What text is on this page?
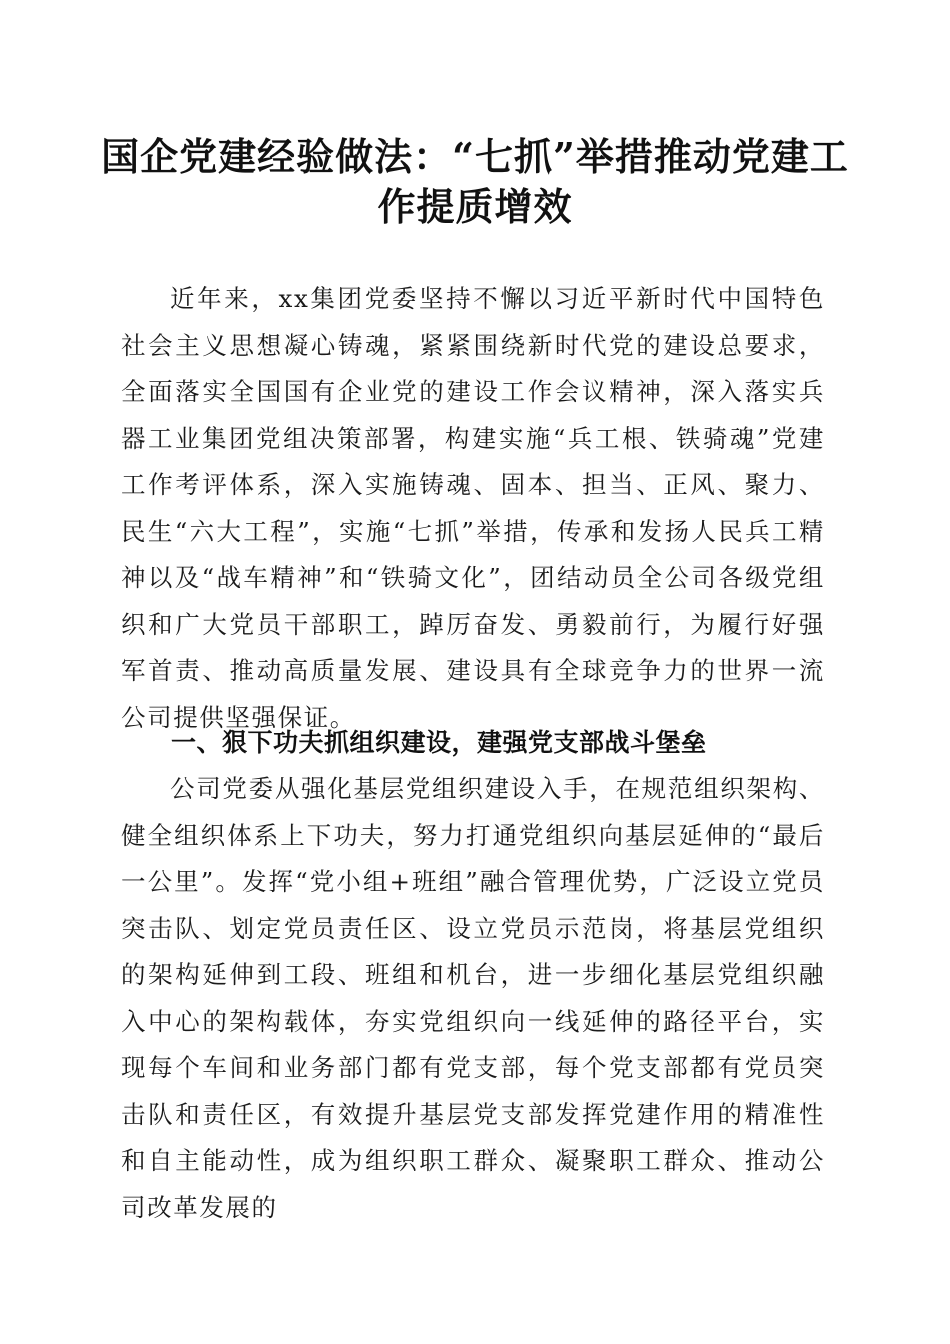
国企党建经验做法：“七抓”举措推动党建工作提质增效

近年来，xx集团党委坚持不懈以习近平新时代中国特色社会主义思想凝心铸魂，紧紧围绕新时代党的建设总要求，全面落实全国国有企业党的建设工作会议精神，深入落实兵器工业集团党组决策部署，构建实施“兵工根、铁骑魂”党建工作考评体系，深入实施铸魂、固本、担当、正风、聚力、民生“六大工程”，实施“七抓”举措，传承和发扬人民兵工精神以及“战车精神”和“铁骑文化”，团结动员全公司各级党组织和广大党员干部职工，踔厉奋发、勇毅前行，为履行好强军首责、推动高质量发展、建设具有全球竞争力的世界一流公司提供坚强保证。

一、狠下功夫抓组织建设，建强党支部战斗堡垒

公司党委从强化基层党组织建设入手，在规范组织架构、健全组织体系上下功夫，努力打通党组织向基层延伸的“最后一公里”。发挥“党小组+班组”融合管理优势，广泛设立党员突击队、划定党员责任区、设立党员示范岗，将基层党组织的架构延伸到工段、班组和机台，进一步细化基层党组织融入中心的架构载体，夯实党组织向一线延伸的路径平台，实现每个车间和业务部门都有党支部，每个党支部都有党员突击队和责任区，有效提升基层党支部发挥党建作用的精准性和自主能动性，成为组织职工群众、凝聚职工群众、推动公司改革发展的
